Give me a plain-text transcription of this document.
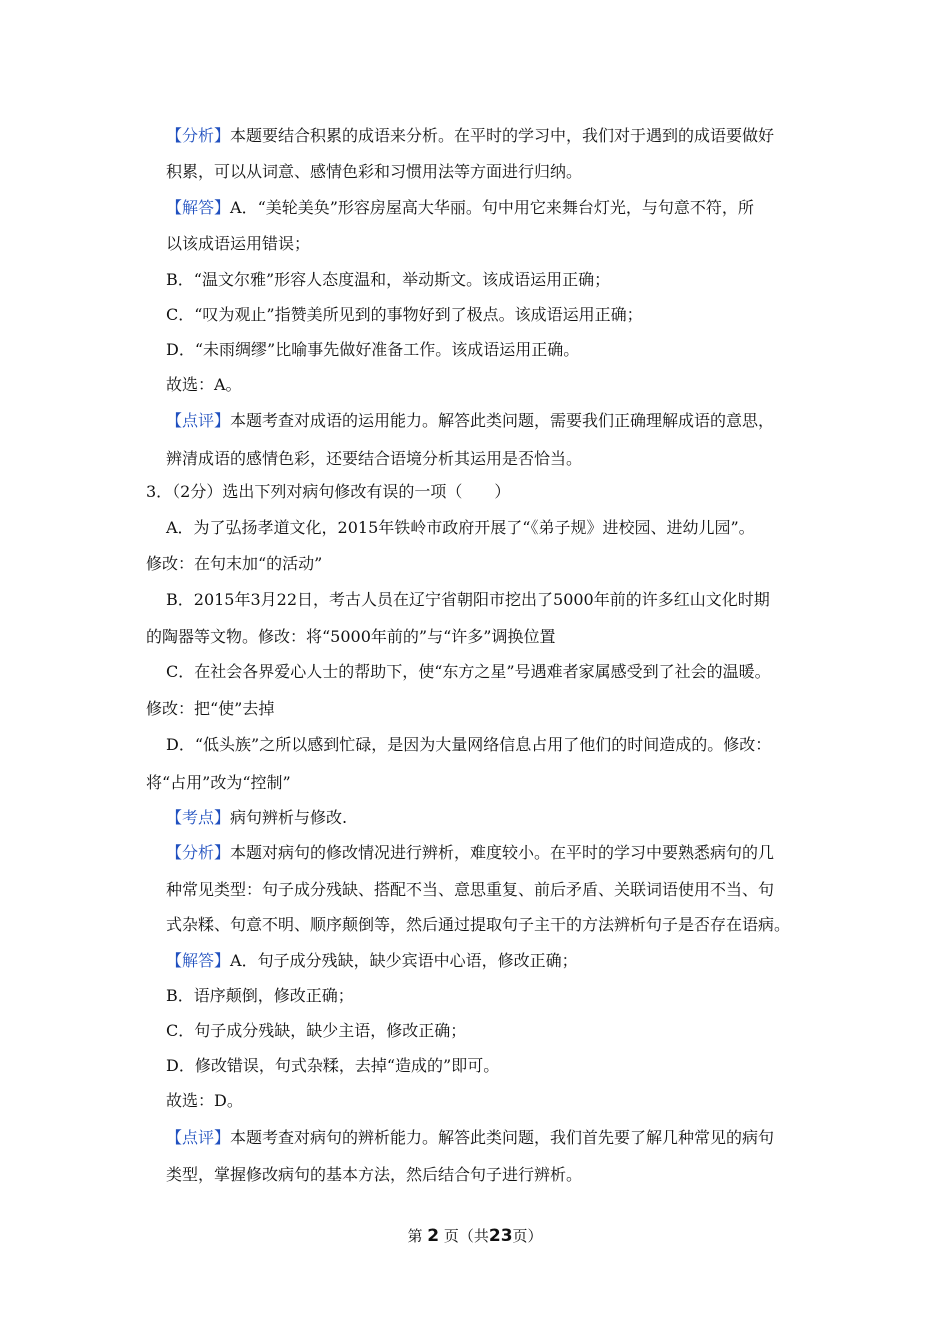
【分析】本题要结合积累的成语来分析。在平时的学习中，我们对于遇到的成语要做好
积累，可以从词意、感情色彩和习惯用法等方面进行归纳。
【解答】A．“美轮美奂”形容房屋高大华丽。句中用它来舞台灯光，与句意不符，所
以该成语运用错误；
B．“温文尔雅”形容人态度温和，举动斯文。该成语运用正确；
C．“叹为观止”指赞美所见到的事物好到了极点。该成语运用正确；
D．“未雨绸缪”比喻事先做好准备工作。该成语运用正确。
故选：A。
【点评】本题考查对成语的运用能力。解答此类问题，需要我们正确理解成语的意思，
辨清成语的感情色彩，还要结合语境分析其运用是否恰当。
3．（2分）选出下列对病句修改有误的一项（　　）
A．为了弘扬孝道文化，2015年铁岭市政府开展了“《弟子规》进校园、进幼儿园”。
修改：在句末加“的活动”
B．2015年3月22日，考古人员在辽宁省朝阳市挖出了5000年前的许多红山文化时期
的陶器等文物。修改：将“5000年前的”与“许多”调换位置
C．在社会各界爱心人士的帮助下，使“东方之星”号遇难者家属感受到了社会的温暖。
修改：把“使”去掉
D．“低头族”之所以感到忙碌，是因为大量网络信息占用了他们的时间造成的。修改：
将“占用”改为“控制”
【考点】病句辨析与修改.
【分析】本题对病句的修改情况进行辨析，难度较小。在平时的学习中要熟悉病句的几
种常见类型：句子成分残缺、搭配不当、意思重复、前后矛盾、关联词语使用不当、句
式杂糅、句意不明、顺序颠倒等，然后通过提取句子主干的方法辨析句子是否存在语病。
【解答】A．句子成分残缺，缺少宾语中心语，修改正确；
B．语序颠倒，修改正确；
C．句子成分残缺，缺少主语，修改正确；
D．修改错误，句式杂糅，去掉“造成的”即可。
故选：D。
【点评】本题考查对病句的辨析能力。解答此类问题，我们首先要了解几种常见的病句
类型，掌握修改病句的基本方法，然后结合句子进行辨析。
第 2 页（共23页）
